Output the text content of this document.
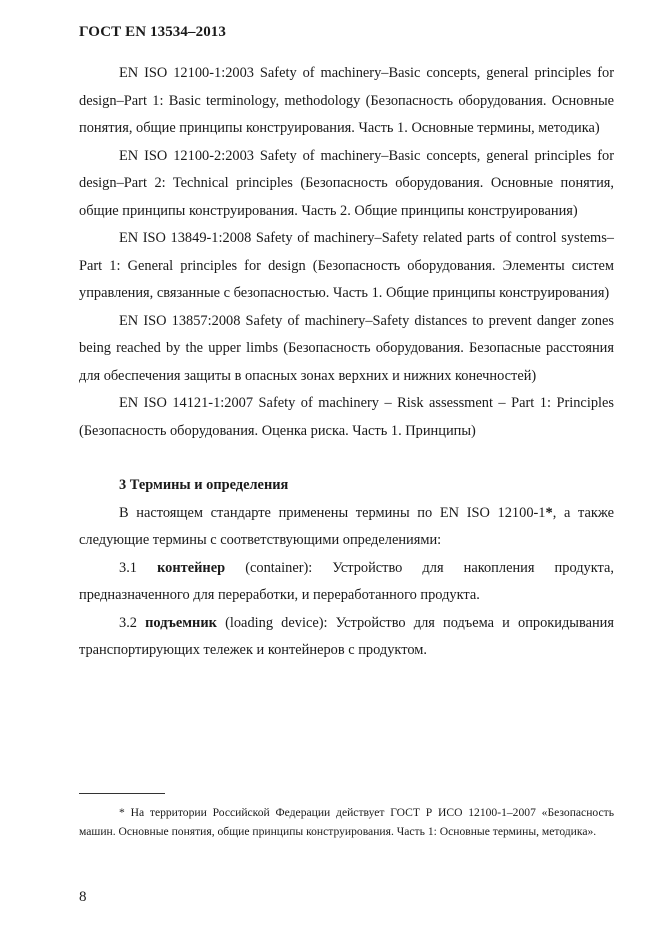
ГОСТ EN 13534–2013

EN ISO 12100-1:2003 Safety of machinery–Basic concepts, general principles for design–Part 1: Basic terminology, methodology (Безопасность оборудования. Основные понятия, общие принципы конструирования. Часть 1. Основные термины, методика)

EN ISO 12100-2:2003 Safety of machinery–Basic concepts, general principles for design–Part 2: Technical principles (Безопасность оборудования. Основные понятия, общие принципы конструирования. Часть 2. Общие принципы конструирования)

EN ISO 13849-1:2008 Safety of machinery–Safety related parts of control systems–Part 1: General principles for design (Безопасность оборудования. Элементы систем управления, связанные с безопасностью. Часть 1. Общие принципы конструирования)

EN ISO 13857:2008 Safety of machinery–Safety distances to prevent danger zones being reached by the upper limbs (Безопасность оборудования. Безопасные расстояния для обеспечения защиты в опасных зонах верхних и нижних конечностей)

EN ISO 14121-1:2007 Safety of machinery – Risk assessment – Part 1: Principles (Безопасность оборудования. Оценка риска. Часть 1. Принципы)

3 Термины и определения

В настоящем стандарте применены термины по EN ISO 12100-1*, а также следующие термины с соответствующими определениями:

3.1 контейнер (container): Устройство для накопления продукта, предназначенного для переработки, и переработанного продукта.

3.2 подъемник (loading device): Устройство для подъема и опрокидывания транспортирующих тележек и контейнеров с продуктом.

* На территории Российской Федерации действует ГОСТ Р ИСО 12100-1–2007 «Безопасность машин. Основные понятия, общие принципы конструирования. Часть 1: Основные термины, методика».
8
